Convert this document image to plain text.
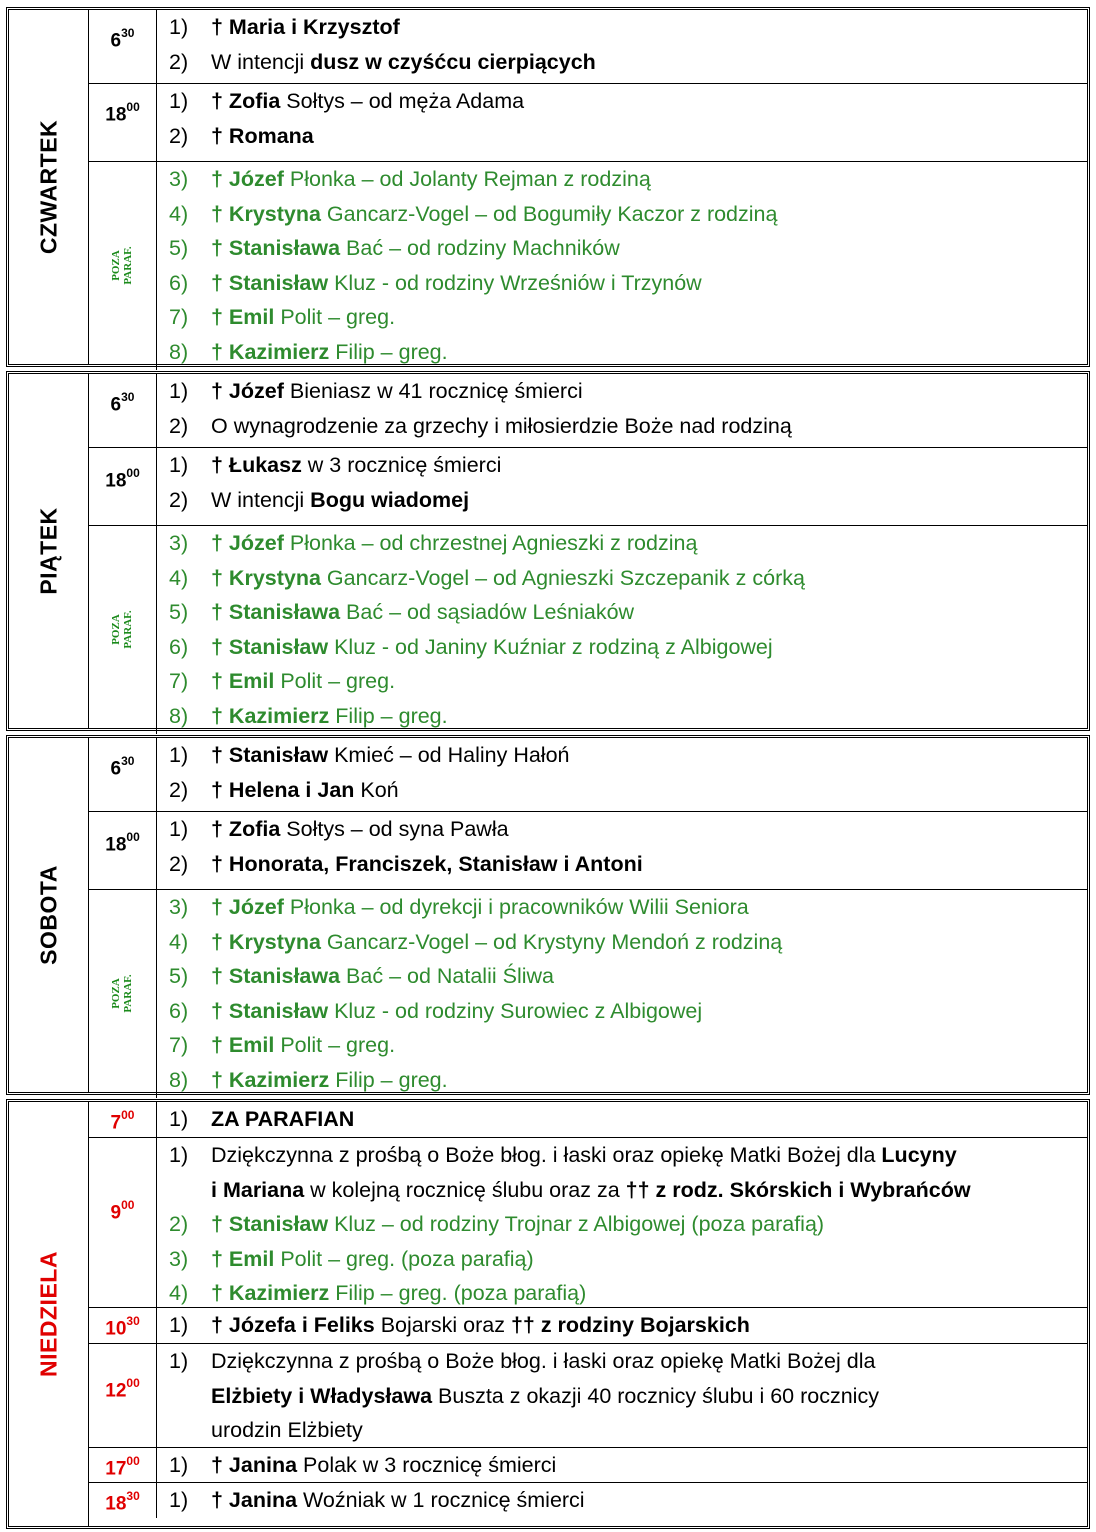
CZWARTEK
$6^{30}$	1) † Maria i Krzysztof
2) W intencji dusz w czyśćcu cierpiących
$18^{00}$	1) † Zofia Sołtys – od męża Adama
2) † Romana
POZA
PARAF.
3) † Józef Płonka – od Jolanty Rejman z rodziną
4) † Krystyna Gancarz-Vogel – od Bogumiły Kaczor z rodziną
5) † Stanisława Bać – od rodziny Machników
6) † Stanisław Kluz - od rodziny Wrześniów i Trzynów
7) † Emil Polit – greg.
8) † Kazimierz Filip – greg.
PIĄTEK
$6^{30}$	1) † Józef Bieniasz w 41 rocznicę śmierci
2) O wynagrodzenie za grzechy i miłosierdzie Boże nad rodziną
$18^{00}$	1) † Łukasz w 3 rocznicę śmierci
2) W intencji Bogu wiadomej
POZA
PARAF.
3) † Józef Płonka – od chrzestnej Agnieszki z rodziną
4) † Krystyna Gancarz-Vogel – od Agnieszki Szczepanik z córką
5) † Stanisława Bać – od sąsiadów Leśniaków
6) † Stanisław Kluz - od Janiny Kuźniar z rodziną z Albigowej
7) † Emil Polit – greg.
8) † Kazimierz Filip – greg.
SOBOTA
$6^{30}$	1) † Stanisław Kmieć – od Haliny Hałoń
2) † Helena i Jan Koń
$18^{00}$	1) † Zofia Sołtys – od syna Pawła
2) † Honorata, Franciszek, Stanisław i Antoni
POZA
PARAF.
3) † Józef Płonka – od dyrekcji i pracowników Wilii Seniora
4) † Krystyna Gancarz-Vogel – od Krystyny Mendoń z rodziną
5) † Stanisława Bać – od Natalii Śliwa
6) † Stanisław Kluz - od rodziny Surowiec z Albigowej
7) † Emil Polit – greg.
8) † Kazimierz Filip – greg.
NIEDZIELA
$7^{00}$	1) ZA PARAFIAN
$9^{00}$
1) Dziękczynna z prośbą o Boże błog. i łaski oraz opiekę Matki Bożej dla Lucyny
i Mariana w kolejną rocznicę ślubu oraz za †† z rodz. Skórskich i Wybrańców
2) † Stanisław Kluz – od rodziny Trojnar z Albigowej (poza parafią)
3) † Emil Polit – greg. (poza parafią)
4) † Kazimierz Filip – greg. (poza parafią)
$10^{30}$	1) † Józefa i Feliks Bojarski oraz †† z rodziny Bojarskich
$12^{00}$
1) Dziękczynna z prośbą o Boże błog. i łaski oraz opiekę Matki Bożej dla
Elżbiety i Władysława Buszta z okazji 40 rocznicy ślubu i 60 rocznicy
urodzin Elżbiety
$17^{00}$	1) † Janina Polak w 3 rocznicę śmierci
$18^{30}$	1) † Janina Woźniak w 1 rocznicę śmierci
